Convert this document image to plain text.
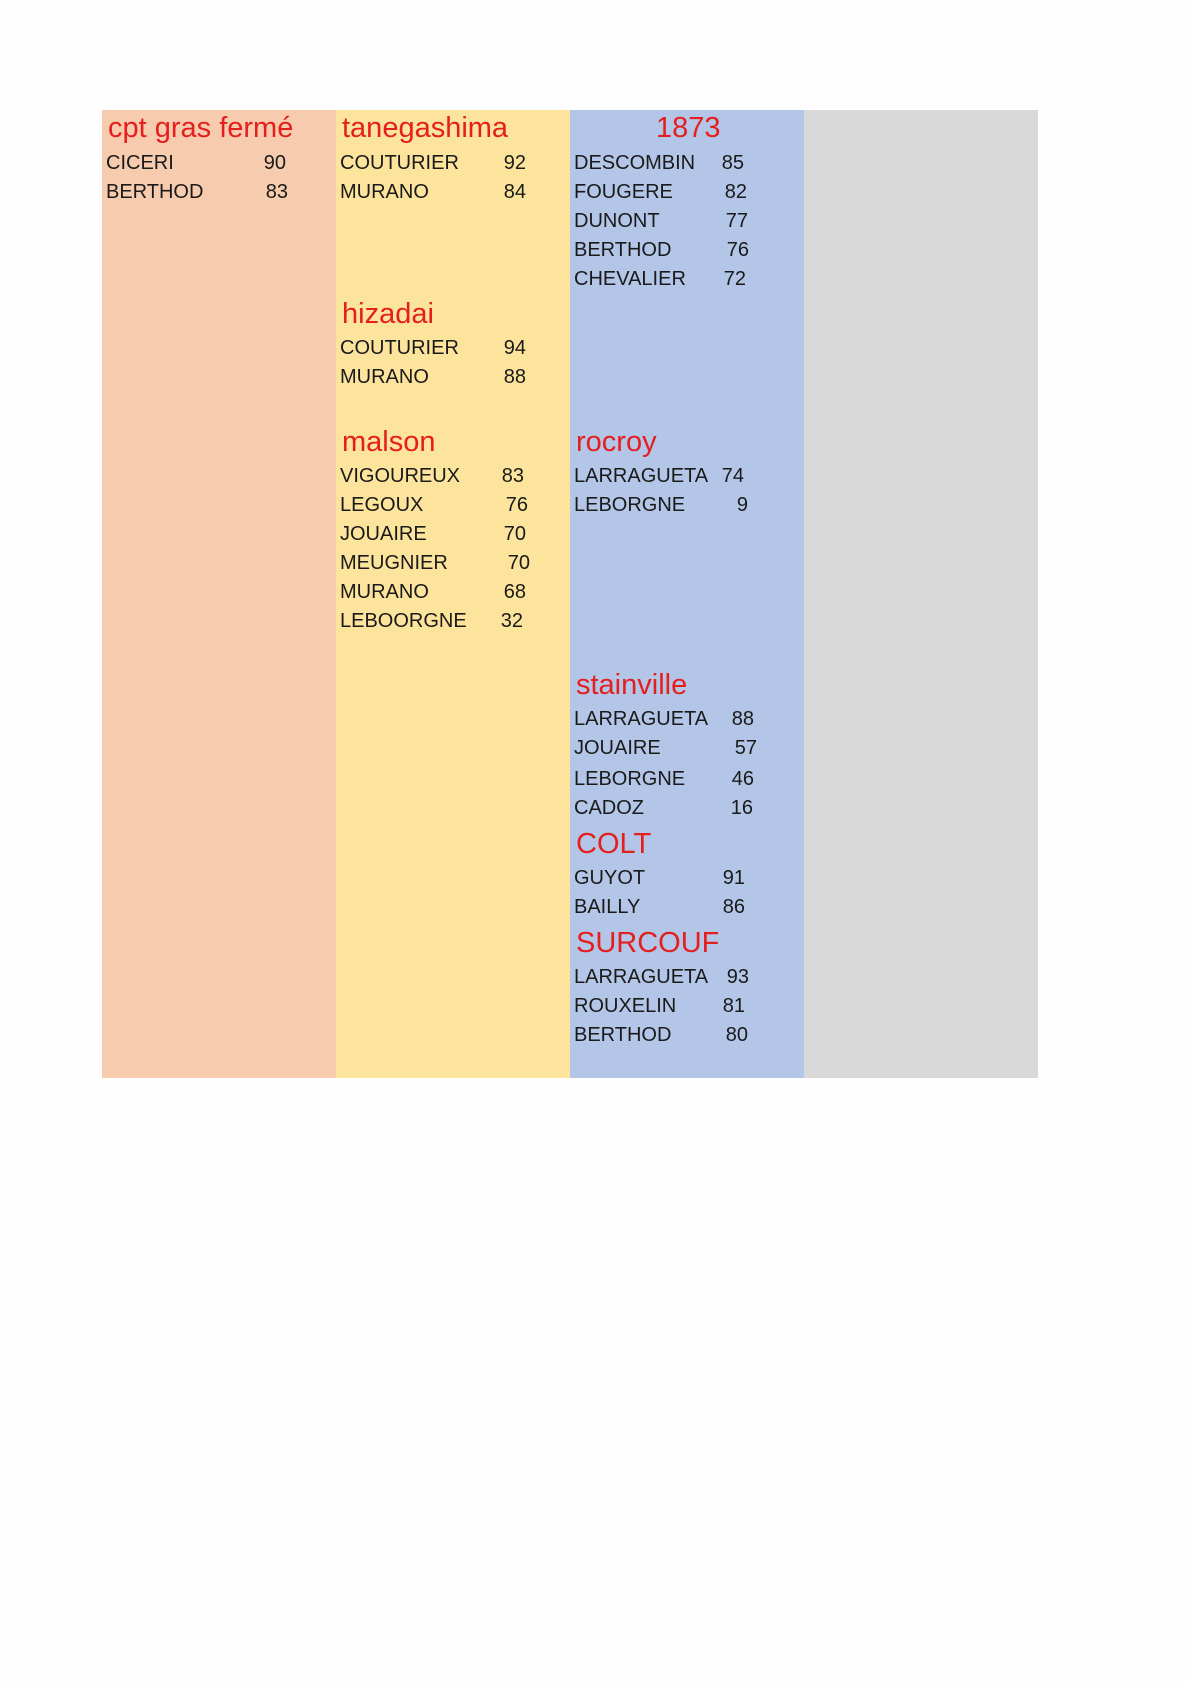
cpt gras fermé
CICERI	90
BERTHOD	83
tanegashima
COUTURIER	92
MURANO	84
hizadai
COUTURIER	94
MURANO	88
malson
VIGOUREUX	83
LEGOUX	76
JOUAIRE	70
MEUGNIER	70
MURANO	68
LEBOORGNE	32
1873
DESCOMBIN	85
FOUGERE	82
DUNONT	77
BERTHOD	76
CHEVALIER	72
rocroy
LARRAGUETA 74
LEBORGNE	9
stainville
LARRAGUETA	88
JOUAIRE	57
LEBORGNE	46
CADOZ	16
COLT
GUYOT	91
BAILLY	86
SURCOUF
LARRAGUETA 93
ROUXELIN	81
BERTHOD	80
